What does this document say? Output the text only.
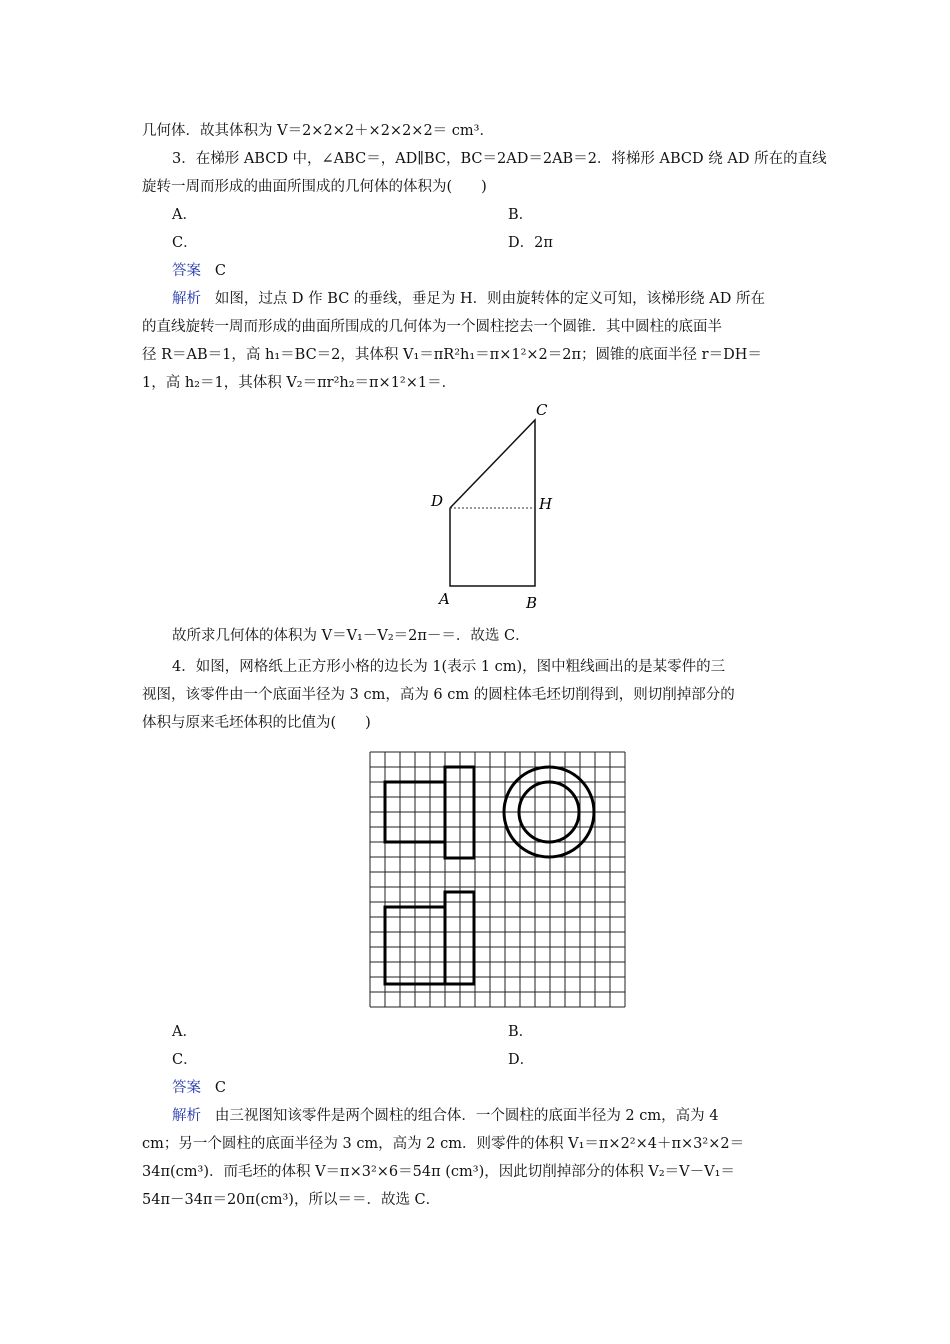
几何体．故其体积为 V＝2×2×2＋×2×2×2＝ cm³．
3．在梯形 ABCD 中，∠ABC＝，AD∥BC，BC＝2AD＝2AB＝2．将梯形 ABCD 绕 AD 所在的直线
旋转一周而形成的曲面所围成的几何体的体积为(　　)
A．	B．
C．	D．2π
答案 C
解析 如图，过点 D 作 BC 的垂线，垂足为 H．则由旋转体的定义可知，该梯形绕 AD 所在
的直线旋转一周而形成的曲面所围成的几何体为一个圆柱挖去一个圆锥．其中圆柱的底面半
径 R＝AB＝1，高 h₁＝BC＝2，其体积 V₁＝πR²h₁＝π×1²×2＝2π；圆锥的底面半径 r＝DH＝
1，高 h₂＝1，其体积 V₂＝πr²h₂＝π×1²×1＝．
C
D	H
A	B
故所求几何体的体积为 V＝V₁－V₂＝2π－＝．故选 C．
4．如图，网格纸上正方形小格的边长为 1(表示 1 cm)，图中粗线画出的是某零件的三
视图，该零件由一个底面半径为 3 cm，高为 6 cm 的圆柱体毛坯切削得到，则切削掉部分的
体积与原来毛坯体积的比值为(　　)
A．	B．
C．	D．
答案 C
解析 由三视图知该零件是两个圆柱的组合体．一个圆柱的底面半径为 2 cm，高为 4
cm；另一个圆柱的底面半径为 3 cm，高为 2 cm．则零件的体积 V₁＝π×2²×4＋π×3²×2＝
34π(cm³)．而毛坯的体积 V＝π×3²×6＝54π (cm³)，因此切削掉部分的体积 V₂＝V－V₁＝
54π－34π＝20π(cm³)，所以＝＝．故选 C．
